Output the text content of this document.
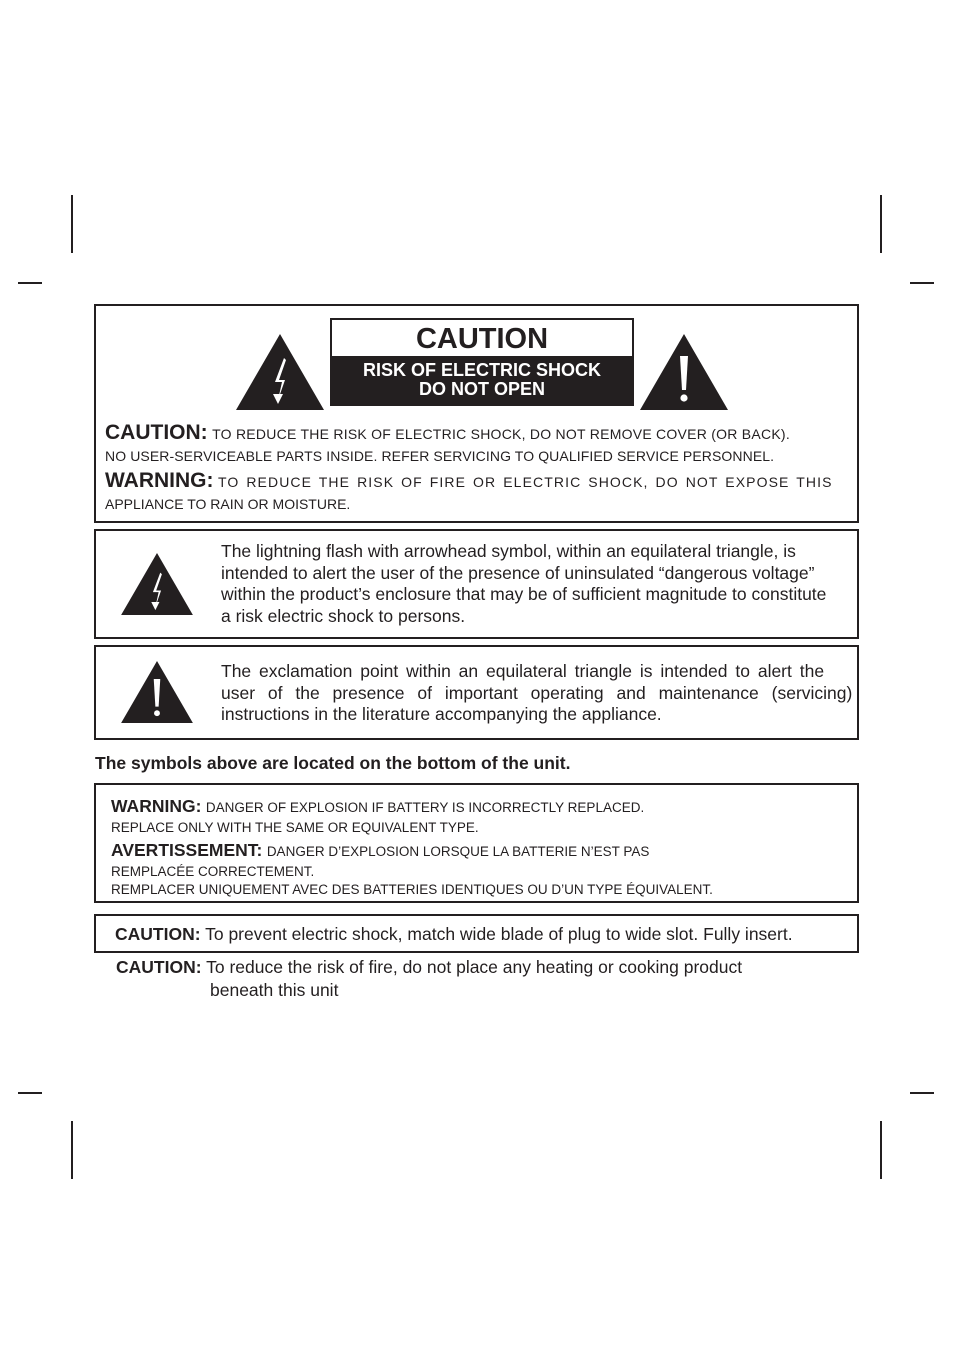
CAUTION
RISK OF ELECTRIC SHOCK
DO NOT OPEN
CAUTION: TO REDUCE THE RISK OF ELECTRIC SHOCK, DO NOT REMOVE COVER (OR BACK).
NO USER-SERVICEABLE PARTS INSIDE. REFER SERVICING TO QUALIFIED SERVICE PERSONNEL.
WARNING: TO REDUCE THE RISK OF FIRE OR ELECTRIC SHOCK, DO NOT EXPOSE THIS
APPLIANCE TO RAIN OR MOISTURE.
The lightning flash with arrowhead symbol, within an equilateral triangle, is
intended to alert the user of the presence of uninsulated “dangerous voltage”
within the product’s enclosure that may be of sufficient magnitude to constitute
a risk electric shock to persons.
The exclamation point within an equilateral triangle is intended to alert the
user of the presence of important operating and maintenance (servicing)
instructions in the literature accompanying the appliance.
The symbols above are located on the bottom of the unit.
WARNING: DANGER OF EXPLOSION IF BATTERY IS INCORRECTLY REPLACED.
REPLACE ONLY WITH THE SAME OR EQUIVALENT TYPE.
AVERTISSEMENT: DANGER D’EXPLOSION LORSQUE LA BATTERIE N’EST PAS
REMPLACÉE CORRECTEMENT.
REMPLACER UNIQUEMENT AVEC DES BATTERIES IDENTIQUES OU D’UN TYPE ÉQUIVALENT.
CAUTION: To prevent electric shock, match wide blade of plug to wide slot. Fully insert.
CAUTION: To reduce the risk of fire, do not place any heating or cooking product
beneath this unit
